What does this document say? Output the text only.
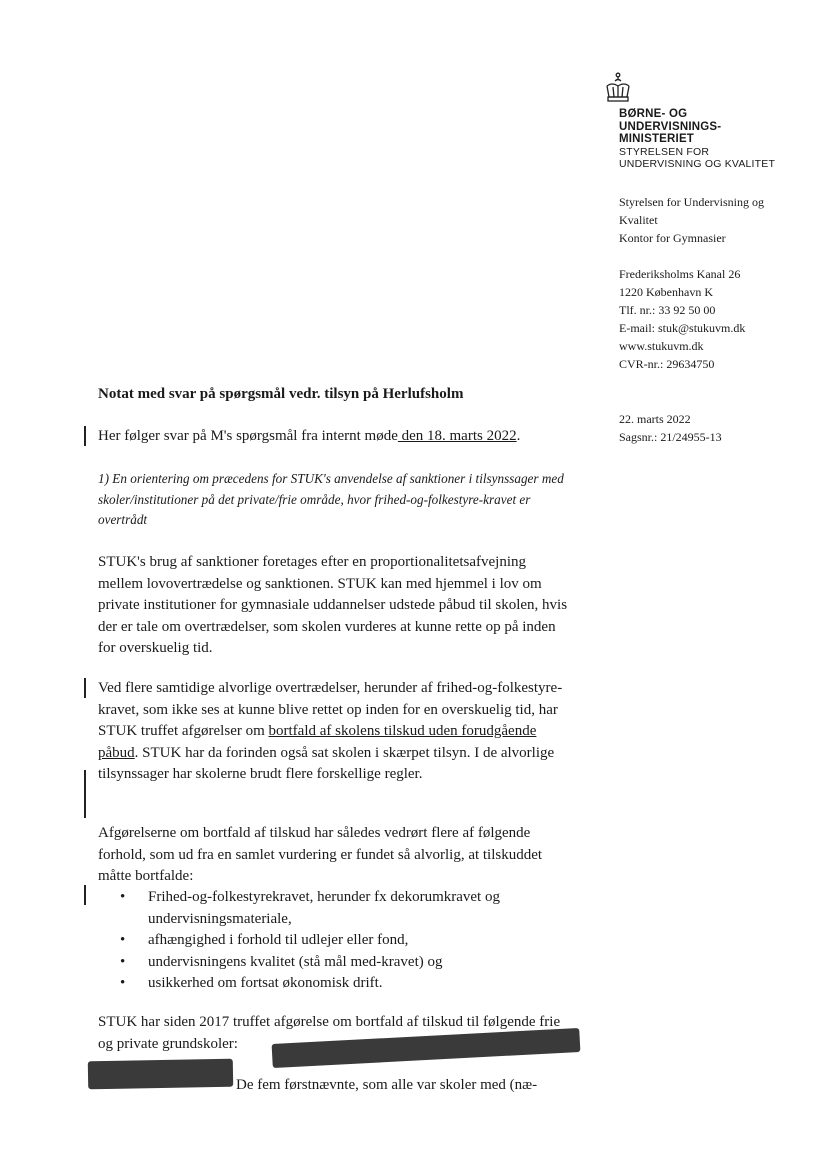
BØRNE- OG
UNDERVISNINGS-
MINISTERIET
STYRELSEN FOR
UNDERVISNING OG KVALITET
Styrelsen for Undervisning og
Kvalitet
Kontor for Gymnasier
Frederiksholms Kanal 26
1220 København K
Tlf. nr.: 33 92 50 00
E-mail: stuk@stukuvm.dk
www.stukuvm.dk
CVR-nr.: 29634750
22. marts 2022
Sagsnr.: 21/24955-13
Notat med svar på spørgsmål vedr. tilsyn på Herlufsholm

Her følger svar på M's spørgsmål fra internt møde den 18. marts 2022.

1) En orientering om præcedens for STUK's anvendelse af sanktioner i tilsynssager med skoler/institutioner på det private/frie område, hvor frihed-og-folkestyre-kravet er overtrådt
STUK's brug af sanktioner foretages efter en proportionalitetsafvejning mellem lovovertrædelse og sanktionen. STUK kan med hjemmel i lov om private institutioner for gymnasiale uddannelser udstede påbud til skolen, hvis der er tale om overtrædelser, som skolen vurderes at kunne rette op på inden for overskuelig tid.

Ved flere samtidige alvorlige overtrædelser, herunder af frihed-og-folkestyre-kravet, som ikke ses at kunne blive rettet op inden for en overskuelig tid, har STUK truffet afgørelser om bortfald af skolens tilskud uden forudgående påbud. STUK har da forinden også sat skolen i skærpet tilsyn. I de alvorlige tilsynssager har skolerne brudt flere forskellige regler.

Afgørelserne om bortfald af tilskud har således vedrørt flere af følgende forhold, som ud fra en samlet vurdering er fundet så alvorlig, at tilskuddet måtte bortfalde:
• Frihed-og-folkestyrekravet, herunder fx dekorumkravet og undervisningsmateriale,
• afhængighed i forhold til udlejer eller fond,
• undervisningens kvalitet (stå mål med-kravet) og
• usikkerhed om fortsat økonomisk drift.
STUK har siden 2017 truffet afgørelse om bortfald af tilskud til følgende frie og private grundskoler:
De fem førstnævnte, som alle var skoler med (næ-
